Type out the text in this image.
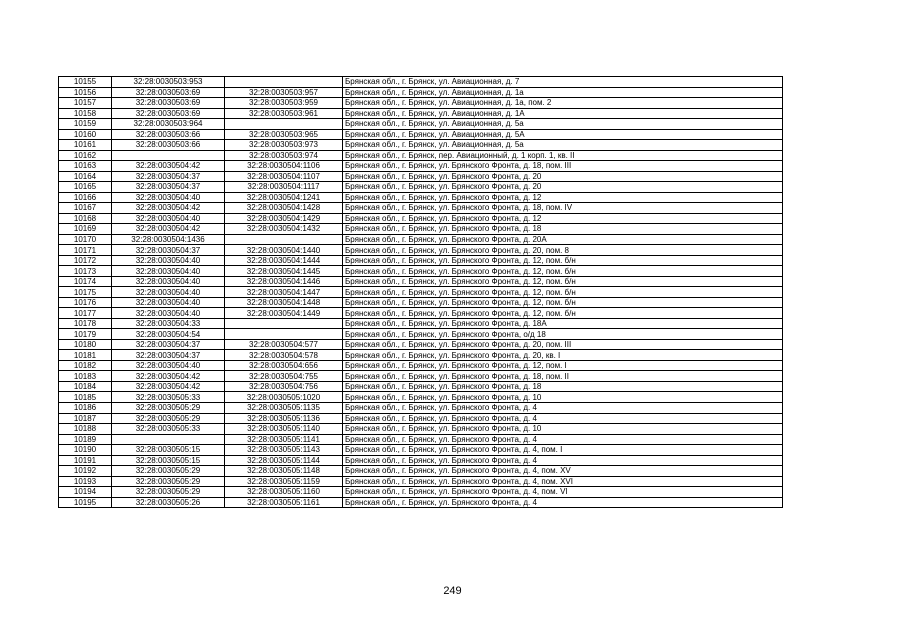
10155	32:28:0030503:953		Брянская обл., г. Брянск, ул. Авиационная, д. 7
10156	32:28:0030503:69	32:28:0030503:957	Брянская обл., г. Брянск, ул. Авиационная, д. 1а
10157	32:28:0030503:69	32:28:0030503:959	Брянская обл., г. Брянск, ул. Авиационная, д. 1а, пом. 2
10158	32:28:0030503:69	32:28:0030503:961	Брянская обл., г. Брянск, ул. Авиационная, д. 1А
10159	32:28:0030503:964		Брянская обл., г. Брянск, ул. Авиационная, д. 5а
10160	32:28:0030503:66	32:28:0030503:965	Брянская обл., г. Брянск, ул. Авиационная, д. 5А
10161	32:28:0030503:66	32:28:0030503:973	Брянская обл., г. Брянск, ул. Авиационная, д. 5а
10162		32:28:0030503:974	Брянская обл., г. Брянск, пер. Авиационный, д. 1 корп. 1, кв. II
10163	32:28:0030504:42	32:28:0030504:1106	Брянская обл., г. Брянск, ул. Брянского Фронта, д. 18, пом. III
10164	32:28:0030504:37	32:28:0030504:1107	Брянская обл., г. Брянск, ул. Брянского Фронта, д. 20
10165	32:28:0030504:37	32:28:0030504:1117	Брянская обл., г. Брянск, ул. Брянского Фронта, д. 20
10166	32:28:0030504:40	32:28:0030504:1241	Брянская обл., г. Брянск, ул. Брянского Фронта, д. 12
10167	32:28:0030504:42	32:28:0030504:1428	Брянская обл., г. Брянск, ул. Брянского Фронта, д. 18, пом. IV
10168	32:28:0030504:40	32:28:0030504:1429	Брянская обл., г. Брянск, ул. Брянского Фронта, д. 12
10169	32:28:0030504:42	32:28:0030504:1432	Брянская обл., г. Брянск, ул. Брянского Фронта, д. 18
10170	32:28:0030504:1436		Брянская обл., г. Брянск, ул. Брянского Фронта, д. 20А
10171	32:28:0030504:37	32:28:0030504:1440	Брянская обл., г. Брянск, ул. Брянского Фронта, д. 20, пом. 8
10172	32:28:0030504:40	32:28:0030504:1444	Брянская обл., г. Брянск, ул. Брянского Фронта, д. 12, пом. б/н
10173	32:28:0030504:40	32:28:0030504:1445	Брянская обл., г. Брянск, ул. Брянского Фронта, д. 12, пом. б/н
10174	32:28:0030504:40	32:28:0030504:1446	Брянская обл., г. Брянск, ул. Брянского Фронта, д. 12, пом. б/н
10175	32:28:0030504:40	32:28:0030504:1447	Брянская обл., г. Брянск, ул. Брянского Фронта, д. 12, пом. б/н
10176	32:28:0030504:40	32:28:0030504:1448	Брянская обл., г. Брянск, ул. Брянского Фронта, д. 12, пом. б/н
10177	32:28:0030504:40	32:28:0030504:1449	Брянская обл., г. Брянск, ул. Брянского Фронта, д. 12, пом. б/н
10178	32:28:0030504:33		Брянская обл., г. Брянск, ул. Брянского Фронта, д. 18А
10179	32:28:0030504:54		Брянская обл., г. Брянск, ул. Брянского Фронта, о/д 18
10180	32:28:0030504:37	32:28:0030504:577	Брянская обл., г. Брянск, ул. Брянского Фронта, д. 20, пом. III
10181	32:28:0030504:37	32:28:0030504:578	Брянская обл., г. Брянск, ул. Брянского Фронта, д. 20, кв. I
10182	32:28:0030504:40	32:28:0030504:656	Брянская обл., г. Брянск, ул. Брянского Фронта, д. 12, пом. I
10183	32:28:0030504:42	32:28:0030504:755	Брянская обл., г. Брянск, ул. Брянского Фронта, д. 18, пом. II
10184	32:28:0030504:42	32:28:0030504:756	Брянская обл., г. Брянск, ул. Брянского Фронта, д. 18
10185	32:28:0030505:33	32:28:0030505:1020	Брянская обл., г. Брянск, ул. Брянского Фронта, д. 10
10186	32:28:0030505:29	32:28:0030505:1135	Брянская обл., г. Брянск, ул. Брянского Фронта, д. 4
10187	32:28:0030505:29	32:28:0030505:1136	Брянская обл., г. Брянск, ул. Брянского Фронта, д. 4
10188	32:28:0030505:33	32:28:0030505:1140	Брянская обл., г. Брянск, ул. Брянского Фронта, д. 10
10189		32:28:0030505:1141	Брянская обл., г. Брянск, ул. Брянского Фронта, д. 4
10190	32:28:0030505:15	32:28:0030505:1143	Брянская обл., г. Брянск, ул. Брянского Фронта, д. 4, пом. I
10191	32:28:0030505:15	32:28:0030505:1144	Брянская обл., г. Брянск, ул. Брянского Фронта, д. 4
10192	32:28:0030505:29	32:28:0030505:1148	Брянская обл., г. Брянск, ул. Брянского Фронта, д. 4, пом. XV
10193	32:28:0030505:29	32:28:0030505:1159	Брянская обл., г. Брянск, ул. Брянского Фронта, д. 4, пом. XVI
10194	32:28:0030505:29	32:28:0030505:1160	Брянская обл., г. Брянск, ул. Брянского Фронта, д. 4, пом. VI
10195	32:28:0030505:26	32:28:0030505:1161	Брянская обл., г. Брянск, ул. Брянского Фронта, д. 4
249
